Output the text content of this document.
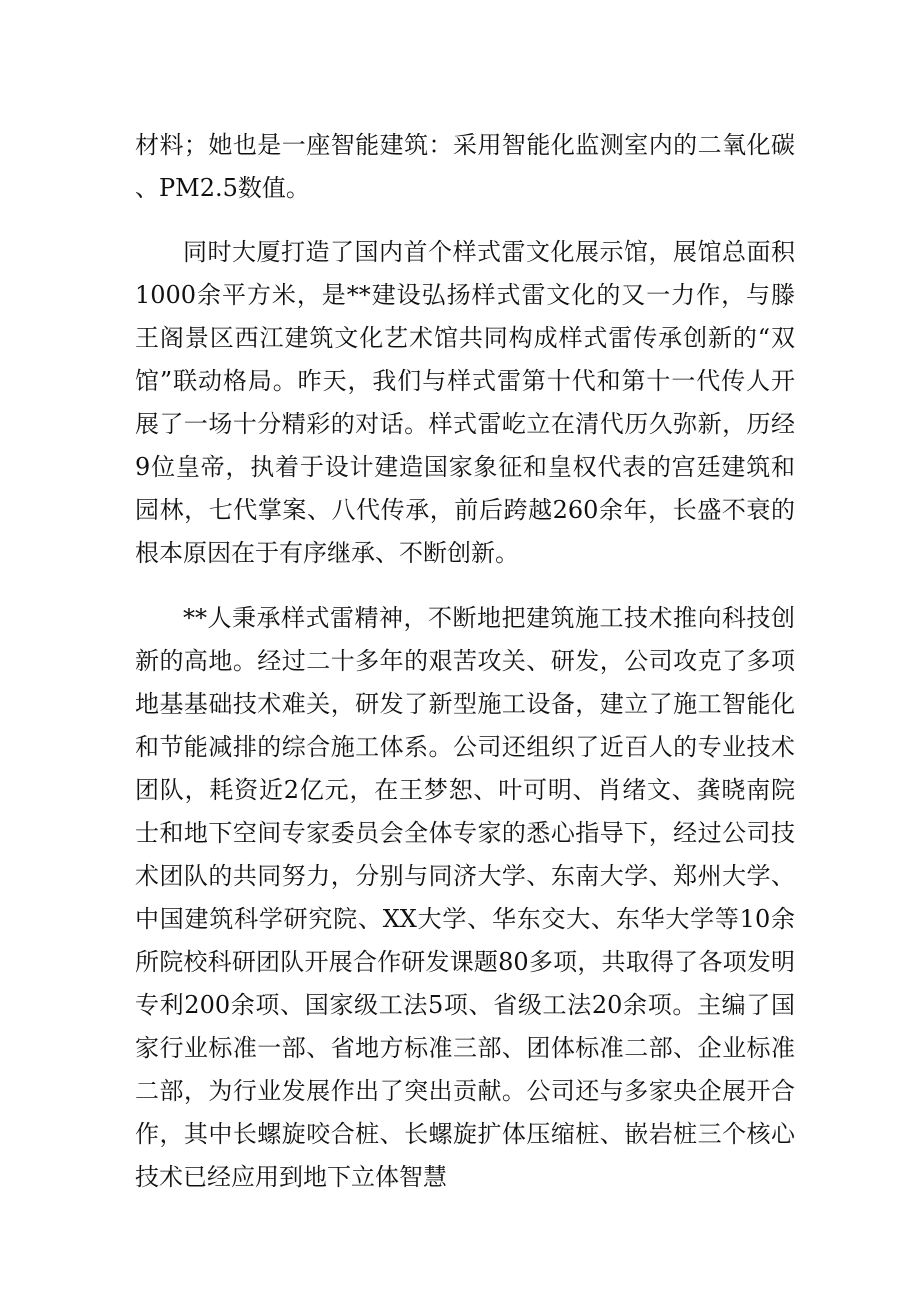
材料；她也是一座智能建筑：采用智能化监测室内的二氧化碳、PM2.5数值。

同时大厦打造了国内首个样式雷文化展示馆，展馆总面积1000余平方米，是**建设弘扬样式雷文化的又一力作，与滕王阁景区西江建筑文化艺术馆共同构成样式雷传承创新的“双馆”联动格局。昨天，我们与样式雷第十代和第十一代传人开展了一场十分精彩的对话。样式雷屹立在清代历久弥新，历经9位皇帝，执着于设计建造国家象征和皇权代表的宫廷建筑和园林，七代掌案、八代传承，前后跨越260余年，长盛不衰的根本原因在于有序继承、不断创新。

**人秉承样式雷精神，不断地把建筑施工技术推向科技创新的高地。经过二十多年的艰苦攻关、研发，公司攻克了多项地基基础技术难关，研发了新型施工设备，建立了施工智能化和节能减排的综合施工体系。公司还组织了近百人的专业技术团队，耗资近2亿元，在王梦恕、叶可明、肖绪文、龚晓南院士和地下空间专家委员会全体专家的悉心指导下，经过公司技术团队的共同努力，分别与同济大学、东南大学、郑州大学、中国建筑科学研究院、XX大学、华东交大、东华大学等10余所院校科研团队开展合作研发课题80多项，共取得了各项发明专利200余项、国家级工法5项、省级工法20余项。主编了国家行业标准一部、省地方标准三部、团体标准二部、企业标准二部，为行业发展作出了突出贡献。公司还与多家央企展开合作，其中长螺旋咬合桩、长螺旋扩体压缩桩、嵌岩桩三个核心技术已经应用到地下立体智慧
